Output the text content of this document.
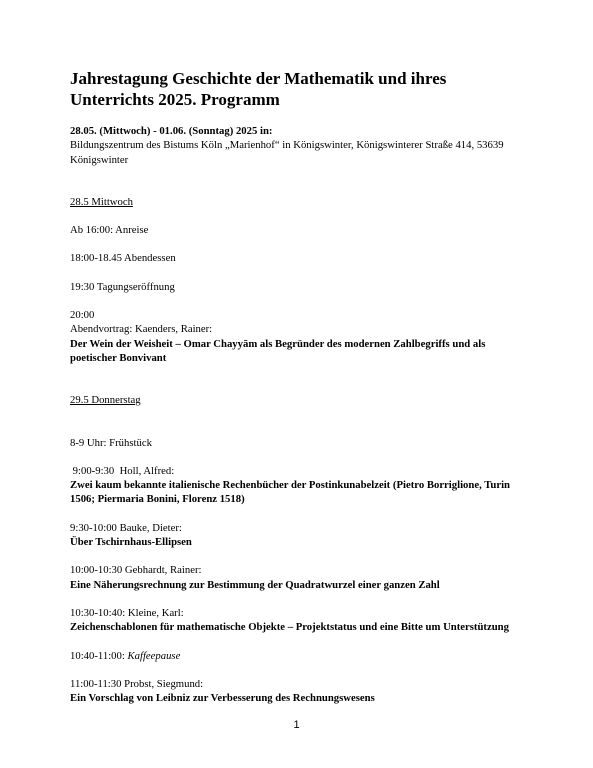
Jahrestagung Geschichte der Mathematik und ihres Unterrichts 2025. Programm

28.05. (Mittwoch) - 01.06. (Sonntag) 2025 in:

Bildungszentrum des Bistums Köln „Marienhof“ in Königswinter, Königswinterer Straße 414, 53639 Königswinter

28.5 Mittwoch

Ab 16:00: Anreise

18:00-18.45 Abendessen

19:30 Tagungseröffnung

20:00

Abendvortrag: Kaenders, Rainer:

Der Wein der Weisheit – Omar Chayyām als Begründer des modernen Zahlbegriffs und als poetischer Bonvivant

29.5 Donnerstag

8-9 Uhr: Frühstück

9:00-9:30  Holl, Alfred:

Zwei kaum bekannte italienische Rechenbücher der Postinkunabelzeit (Pietro Borriglione, Turin 1506; Piermaria Bonini, Florenz 1518)

9:30-10:00 Bauke, Dieter:

Über Tschirnhaus-Ellipsen

10:00-10:30 Gebhardt, Rainer:

Eine Näherungsrechnung zur Bestimmung der Quadratwurzel einer ganzen Zahl

10:30-10:40: Kleine, Karl:

Zeichenschablonen für mathematische Objekte – Projektstatus und eine Bitte um Unterstützung

10:40-11:00: Kaffeepause

11:00-11:30 Probst, Siegmund:

Ein Vorschlag von Leibniz zur Verbesserung des Rechnungswesens

1
